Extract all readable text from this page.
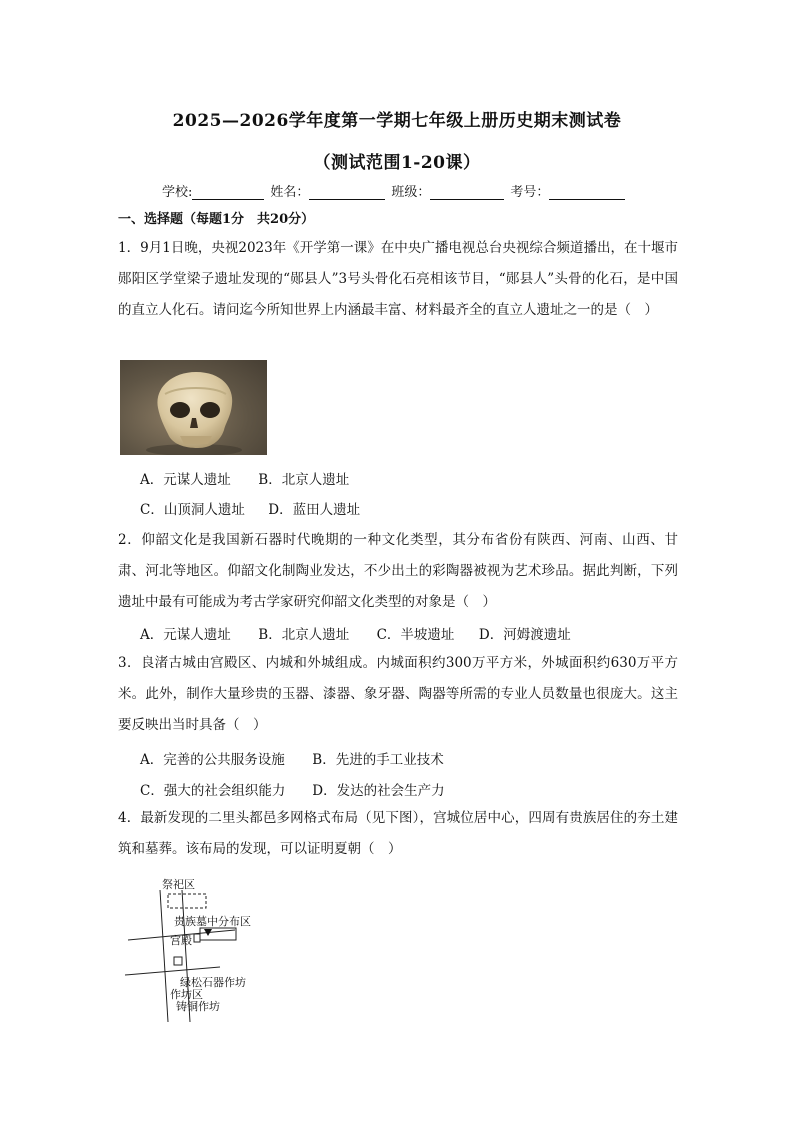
2025—2026学年度第一学期七年级上册历史期末测试卷
（测试范围1-20课）
学校:	姓名：	班级：	考号：
一、选择题（每题1分　共20分）
1．9月1日晚，央视2023年《开学第一课》在中央广播电视总台央视综合频道播出，在十堰市郧阳区学堂梁子遗址发现的“郧县人”3号头骨化石亮相该节目，“郧县人”头骨的化石，是中国的直立人化石。请问迄今所知世界上内涵最丰富、材料最齐全的直立人遗址之一的是（　）
A．元谋人遗址 B．北京人遗址
C．山顶洞人遗址 D．蓝田人遗址
2．仰韶文化是我国新石器时代晚期的一种文化类型，其分布省份有陕西、河南、山西、甘肃、河北等地区。仰韶文化制陶业发达，不少出土的彩陶器被视为艺术珍品。据此判断，下列遗址中最有可能成为考古学家研究仰韶文化类型的对象是（　）
A．元谋人遗址 B．北京人遗址 C．半坡遗址 D．河姆渡遗址
3．良渚古城由宫殿区、内城和外城组成。内城面积约300万平方米，外城面积约630万平方米。此外，制作大量珍贵的玉器、漆器、象牙器、陶器等所需的专业人员数量也很庞大。这主要反映出当时具备（　）
A．完善的公共服务设施 B．先进的手工业技术
C．强大的社会组织能力 D．发达的社会生产力
4．最新发现的二里头都邑多网格式布局（见下图），宫城位居中心，四周有贵族居住的夯土建筑和墓葬。该布局的发现，可以证明夏朝（　）
祭祀区
贵族墓中分布区
宫殿
绿松石器作坊
作坊区
铸铜作坊
